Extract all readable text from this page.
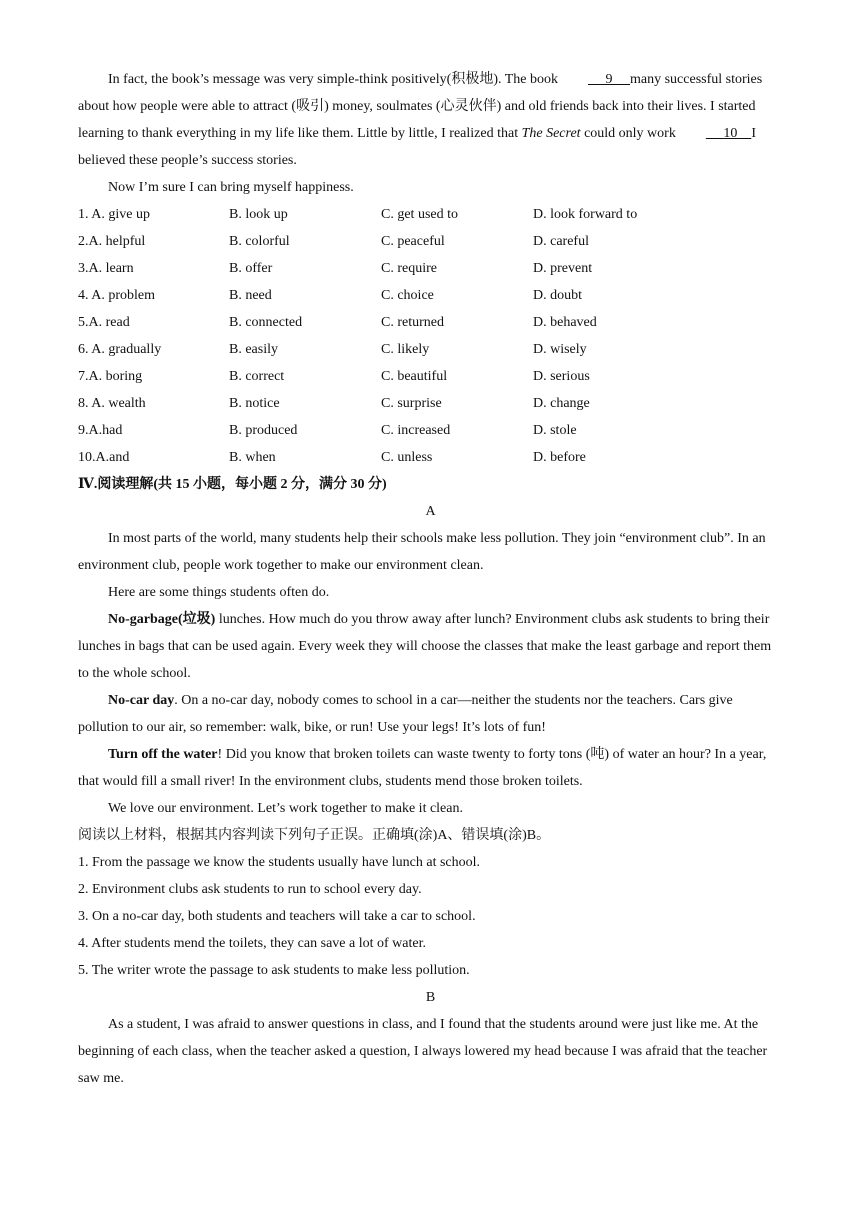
In fact, the book’s message was very simple-think positively(积极地). The book	9 many successful stories about how people were able to attract (吸引) money, soulmates (心灵伙伴) and old friends back into their lives. I started learning to thank everything in my life like them. Little by little, I realized that The Secret could only work	10 I believed these people’s success stories.

Now I’m sure I can bring myself happiness.

1. A. give up	B. look up	C. get used to	D. look forward to
2.A. helpful	B. colorful	C. peaceful	D. careful
3.A. learn	B. offer	C. require	D. prevent
4. A. problem	B. need	C. choice	D. doubt
5.A. read	B. connected	C. returned	D. behaved
6. A. gradually	B. easily	C. likely	D. wisely
7.A. boring	B. correct	C. beautiful	D. serious
8. A. wealth	B. notice	C. surprise	D. change
9.A.had	B. produced	C. increased	D. stole
10.A.and	B. when	C. unless	D. before

Ⅳ.阅读理解(共 15 小题，每小题 2 分，满分 30 分)

A

In most parts of the world, many students help their schools make less pollution. They join “environment club”. In an environment club, people work together to make our environment clean.

Here are some things students often do.

No-garbage(垃圾) lunches. How much do you throw away after lunch? Environment clubs ask students to bring their lunches in bags that can be used again. Every week they will choose the classes that make the least garbage and report them to the whole school.

No-car day. On a no-car day, nobody comes to school in a car—neither the students nor the teachers. Cars give pollution to our air, so remember: walk, bike, or run! Use your legs! It’s lots of fun!

Turn off the water! Did you know that broken toilets can waste twenty to forty tons (吨) of water an hour? In a year, that would fill a small river! In the environment clubs, students mend those broken toilets.

We love our environment. Let’s work together to make it clean.

阅读以上材料，根据其内容判读下列句子正误。正确填(涂)A、错误填(涂)B。

1. From the passage we know the students usually have lunch at school.

2. Environment clubs ask students to run to school every day.

3. On a no-car day, both students and teachers will take a car to school.

4. After students mend the toilets, they can save a lot of water.

5. The writer wrote the passage to ask students to make less pollution.

B

As a student, I was afraid to answer questions in class, and I found that the students around were just like me. At the beginning of each class, when the teacher asked a question, I always lowered my head because I was afraid that the teacher saw me.
